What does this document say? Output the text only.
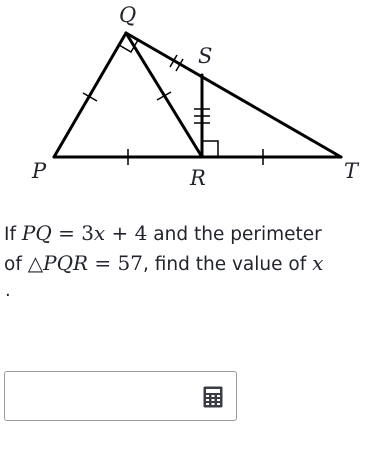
Q
S
P	R	T
If PQ = 3x + 4 and the perimeter
of △PQR = 57, find the value of x
.
